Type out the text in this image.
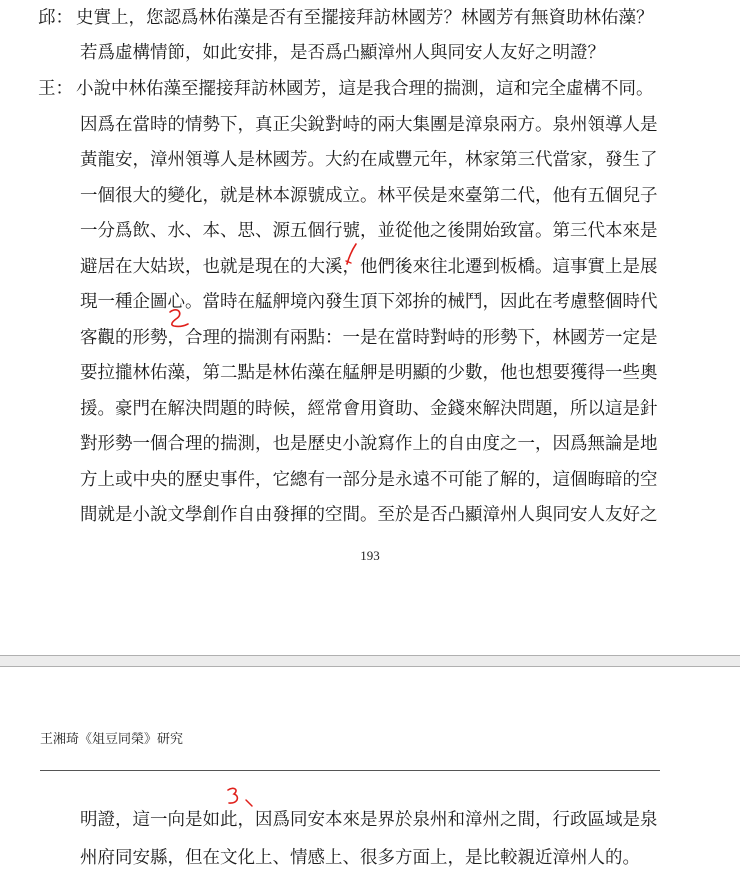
邱： 史實上，您認爲林佑藻是否有至擺接拜訪林國芳？林國芳有無資助林佑藻？
若爲虛構情節，如此安排，是否爲凸顯漳州人與同安人友好之明證？
王： 小說中林佑藻至擺接拜訪林國芳，這是我合理的揣測，這和完全虛構不同。
因爲在當時的情勢下，真正尖銳對峙的兩大集團是漳泉兩方。泉州領導人是
黃龍安，漳州領導人是林國芳。大約在咸豐元年，林家第三代當家，發生了
一個很大的變化，就是林本源號成立。林平侯是來臺第二代，他有五個兒子
一分爲飲、水、本、思、源五個行號，並從他之後開始致富。第三代本來是
避居在大姑崁，也就是現在的大溪，他們後來往北遷到板橋。這事實上是展
現一種企圖心。當時在艋舺境內發生頂下郊拚的械鬥，因此在考慮整個時代
客觀的形勢，合理的揣測有兩點：一是在當時對峙的形勢下，林國芳一定是
要拉攏林佑藻，第二點是林佑藻在艋舺是明顯的少數，他也想要獲得一些奧
援。豪門在解決問題的時候，經常會用資助、金錢來解決問題，所以這是針
對形勢一個合理的揣測，也是歷史小說寫作上的自由度之一，因爲無論是地
方上或中央的歷史事件，它總有一部分是永遠不可能了解的，這個晦暗的空
間就是小說文學創作自由發揮的空間。至於是否凸顯漳州人與同安人友好之
193
王湘琦《俎豆同榮》研究
明證，這一向是如此，因爲同安本來是界於泉州和漳州之間，行政區域是泉
州府同安縣，但在文化上、情感上、很多方面上，是比較親近漳州人的。
